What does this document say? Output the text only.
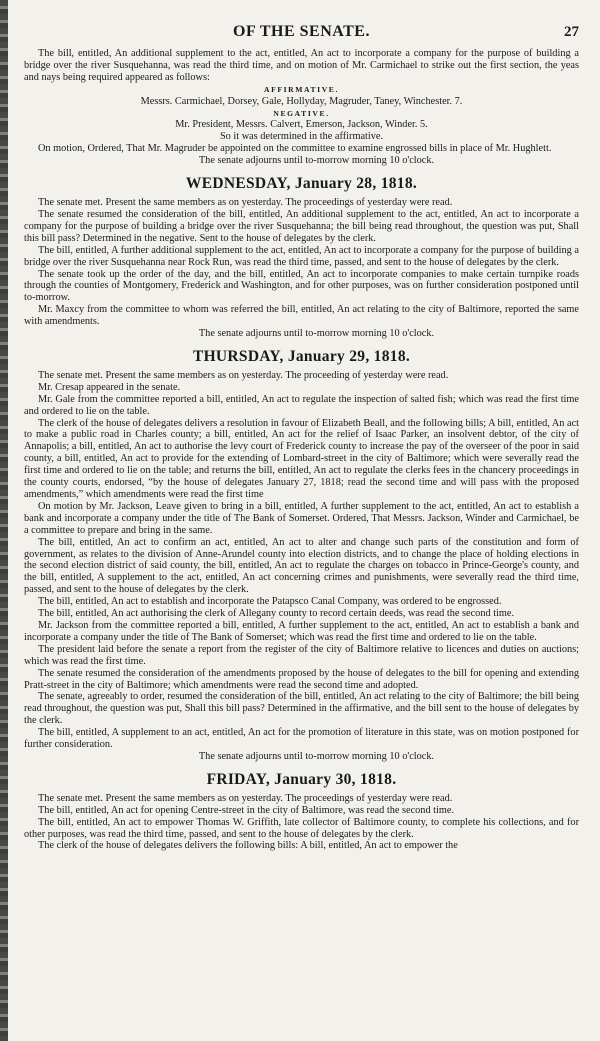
OF THE SENATE.	27

The bill, entitled, An additional supplement to the act, entitled, An act to incorporate a company for the purpose of building a bridge over the river Susquehanna, was read the third time, and on motion of Mr. Carmichael to strike out the first section, the yeas and nays being required appeared as follows:

AFFIRMATIVE.

Messrs. Carmichael, Dorsey, Gale, Hollyday, Magruder, Taney, Winchester. 7.

NEGATIVE.

Mr. President, Messrs. Calvert, Emerson, Jackson, Winder. 5.

So it was determined in the affirmative.

On motion, Ordered, That Mr. Magruder be appointed on the committee to examine engrossed bills in place of Mr. Hughlett.

The senate adjourns until to-morrow morning 10 o'clock.

WEDNESDAY, January 28, 1818.

The senate met. Present the same members as on yesterday. The proceedings of yesterday were read.

The senate resumed the consideration of the bill, entitled, An additional supplement to the act, entitled, An act to incorporate a company for the purpose of building a bridge over the river Susquehanna; the bill being read throughout, the question was put, Shall this bill pass? Determined in the negative. Sent to the house of delegates by the clerk.

The bill, entitled, A further additional supplement to the act, entitled, An act to incorporate a company for the purpose of building a bridge over the river Susquehanna near Rock Run, was read the third time, passed, and sent to the house of delegates by the clerk.

The senate took up the order of the day, and the bill, entitled, An act to incorporate companies to make certain turnpike roads through the counties of Montgomery, Frederick and Washington, and for other purposes, was on further consideration postponed until to-morrow.

Mr. Maxcy from the committee to whom was referred the bill, entitled, An act relating to the city of Baltimore, reported the same with amendments.

The senate adjourns until to-morrow morning 10 o'clock.

THURSDAY, January 29, 1818.

The senate met. Present the same members as on yesterday. The proceeding of yesterday were read.

Mr. Cresap appeared in the senate.

Mr. Gale from the committee reported a bill, entitled, An act to regulate the inspection of salted fish; which was read the first time and ordered to lie on the table.

The clerk of the house of delegates delivers a resolution in favour of Elizabeth Beall, and the following bills; A bill, entitled, An act to make a public road in Charles county; a bill, entitled, An act for the relief of Isaac Parker, an insolvent debtor, of the city of Annapolis; a bill, entitled, An act to authorise the levy court of Frederick county to increase the pay of the overseer of the poor in said county, a bill, entitled, An act to provide for the extending of Lombard-street in the city of Baltimore; which were severally read the first time and ordered to lie on the table; and returns the bill, entitled, An act to regulate the clerks fees in the chancery proceedings in the county courts, endorsed, “by the house of delegates January 27, 1818; read the second time and will pass with the proposed amendments,” which amendments were read the first time

On motion by Mr. Jackson, Leave given to bring in a bill, entitled, A further supplement to the act, entitled, An act to establish a bank and incorporate a company under the title of The Bank of Somerset. Ordered, That Messrs. Jackson, Winder and Carmichael, be a committee to prepare and bring in the same.

The bill, entitled, An act to confirm an act, entitled, An act to alter and change such parts of the constitution and form of government, as relates to the division of Anne-Arundel county into election districts, and to change the place of holding elections in the second election district of said county, the bill, entitled, An act to regulate the charges on tobacco in Prince-George's county, and the bill, entitled, A supplement to the act, entitled, An act concerning crimes and punishments, were severally read the third time, passed, and sent to the house of delegates by the clerk.

The bill, entitled, An act to establish and incorporate the Patapsco Canal Company, was ordered to be engrossed.

The bill, entitled, An act authorising the clerk of Allegany county to record certain deeds, was read the second time.

Mr. Jackson from the committee reported a bill, entitled, A further supplement to the act, entitled, An act to establish a bank and incorporate a company under the title of The Bank of Somerset; which was read the first time and ordered to lie on the table.

The president laid before the senate a report from the register of the city of Baltimore relative to licences and duties on auctions; which was read the first time.

The senate resumed the consideration of the amendments proposed by the house of delegates to the bill for opening and extending Pratt-street in the city of Baltimore; which amendments were read the second time and adopted.

The senate, agreeably to order, resumed the consideration of the bill, entitled, An act relating to the city of Baltimore; the bill being read throughout, the question was put, Shall this bill pass? Determined in the affirmative, and the bill sent to the house of delegates by the clerk.

The bill, entitled, A supplement to an act, entitled, An act for the promotion of literature in this state, was on motion postponed for further consideration.

The senate adjourns until to-morrow morning 10 o'clock.

FRIDAY, January 30, 1818.

The senate met. Present the same members as on yesterday. The proceedings of yesterday were read.

The bill, entitled, An act for opening Centre-street in the city of Baltimore, was read the second time.

The bill, entitled, An act to empower Thomas W. Griffith, late collector of Baltimore county, to complete his collections, and for other purposes, was read the third time, passed, and sent to the house of delegates by the clerk.

The clerk of the house of delegates delivers the following bills: A bill, entitled, An act to empower the
